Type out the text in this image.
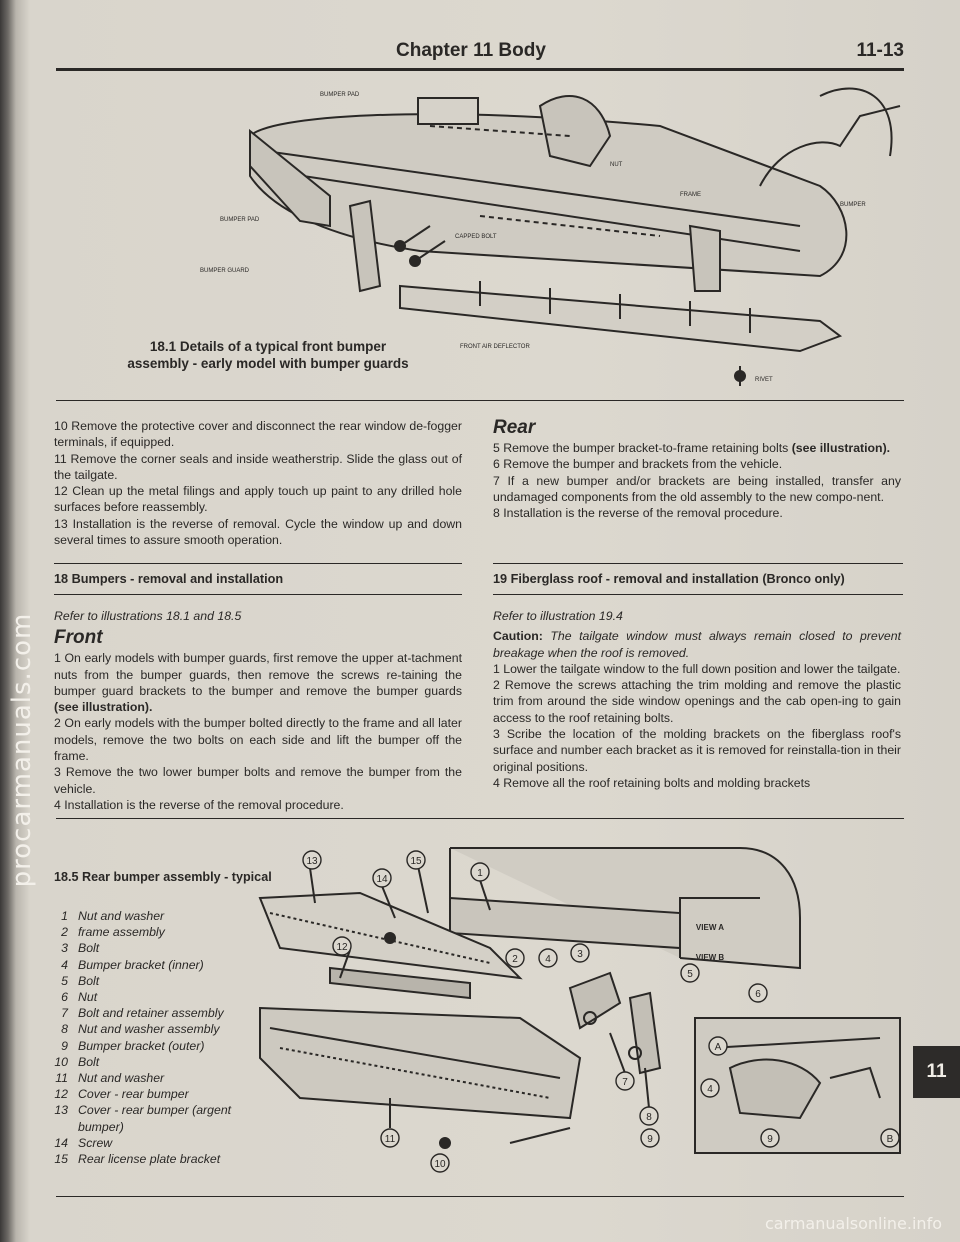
procarmanuals.com
Chapter 11 Body	11-13
BUMPER PAD
NUT
FRAME
BUMPER
BUMPER PAD
CAPPED BOLT
BUMPER GUARD
FRONT AIR DEFLECTOR
RIVET
18.1 Details of a typical front bumper assembly - early model with bumper guards

10 Remove the protective cover and disconnect the rear window de-fogger terminals, if equipped.

11 Remove the corner seals and inside weatherstrip. Slide the glass out of the tailgate.

12 Clean up the metal filings and apply touch up paint to any drilled hole surfaces before reassembly.

13 Installation is the reverse of removal. Cycle the window up and down several times to assure smooth operation.

18 Bumpers - removal and installation

Refer to illustrations 18.1 and 18.5

Front

1 On early models with bumper guards, first remove the upper at-tachment nuts from the bumper guards, then remove the screws re-taining the bumper guard brackets to the bumper and remove the bumper guards (see illustration).

2 On early models with the bumper bolted directly to the frame and all later models, remove the two bolts on each side and lift the bumper off the frame.

3 Remove the two lower bumper bolts and remove the bumper from the vehicle.

4 Installation is the reverse of the removal procedure.

Rear

5 Remove the bumper bracket-to-frame retaining bolts (see illustration).

6 Remove the bumper and brackets from the vehicle.

7 If a new bumper and/or brackets are being installed, transfer any undamaged components from the old assembly to the new compo-nent.

8 Installation is the reverse of the removal procedure.

19 Fiberglass roof - removal and installation (Bronco only)

Refer to illustration 19.4

Caution: The tailgate window must always remain closed to prevent breakage when the roof is removed.

1 Lower the tailgate window to the full down position and lower the tailgate.

2 Remove the screws attaching the trim molding and remove the plastic trim from around the side window openings and the cab open-ing to gain access to the roof retaining bolts.

3 Scribe the location of the molding brackets on the fiberglass roof's surface and number each bracket as it is removed for reinstalla-tion in their original positions.

4 Remove all the roof retaining bolts and molding brackets

18.5 Rear bumper assembly - typical
1 Nut and washer
2 frame assembly
3 Bolt
4 Bumper bracket (inner)
5 Bolt
6 Nut
7 Bolt and retainer assembly
8 Nut and washer assembly
9 Bumper bracket (outer)
10 Bolt
11 Nut and washer
12 Cover - rear bumper
13 Cover - rear bumper (argent bumper)
14 Screw
15 Rear license plate bracket
13	15
14
1
12
2	4	3
5
6
7
8
9
11
10
A
4
9	B
VIEW A
VIEW B
11
carmanualsonline.info
